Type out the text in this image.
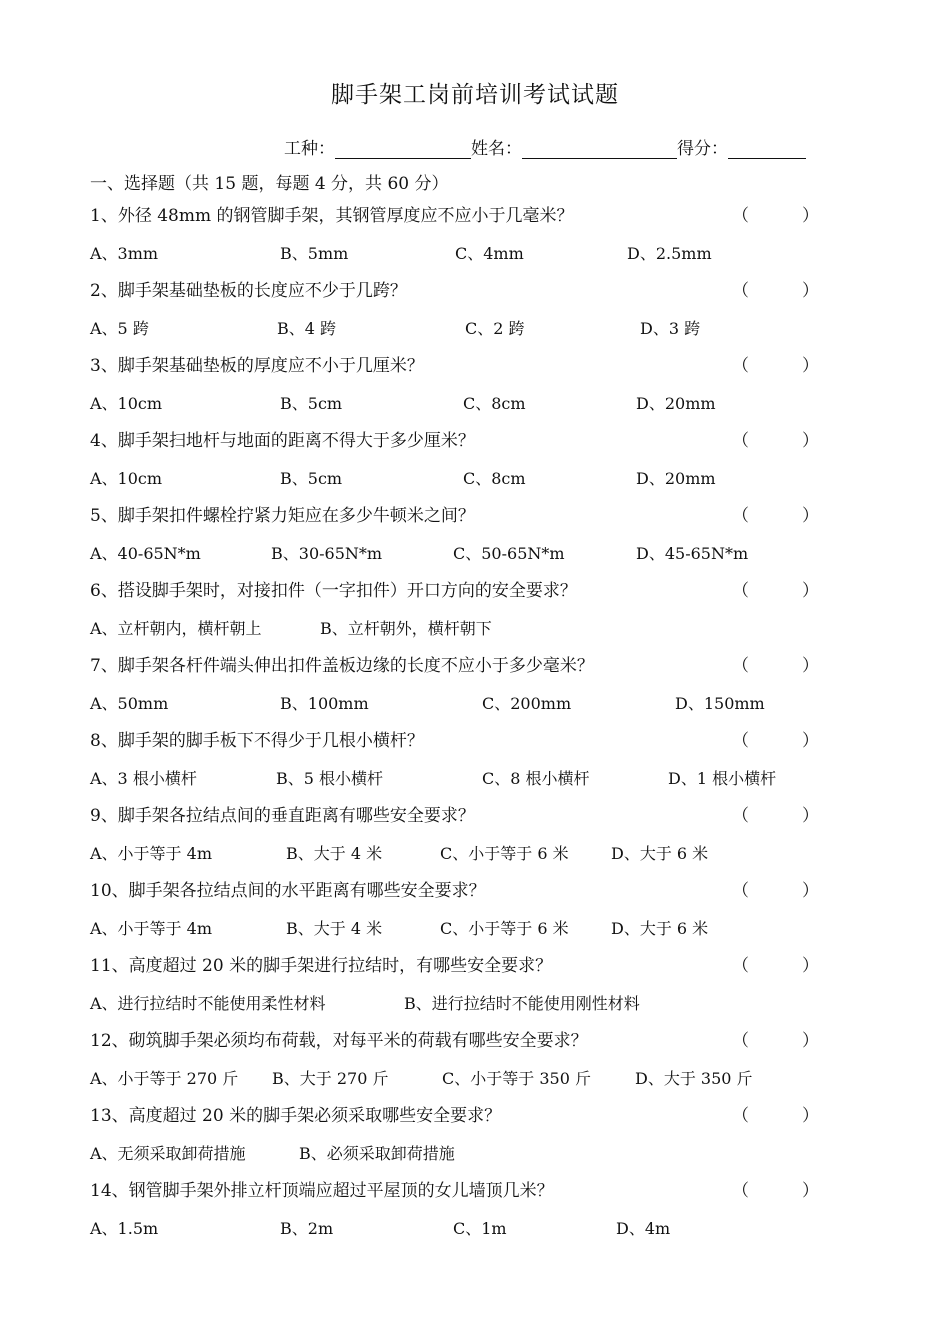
脚手架工岗前培训考试试题
工种：	姓名：	得分：
一、选择题（共 15 题，每题 4 分，共 60 分）
1、外径 48mm 的钢管脚手架，其钢管厚度应不应小于几毫米？	（	）
A、3mm	B、5mm	C、4mm	D、2.5mm
2、脚手架基础垫板的长度应不少于几跨？	（	）
A、5 跨	B、4 跨	C、2 跨	D、3 跨
3、脚手架基础垫板的厚度应不小于几厘米？	（	）
A、10cm	B、5cm	C、8cm	D、20mm
4、脚手架扫地杆与地面的距离不得大于多少厘米？	（	）
A、10cm	B、5cm	C、8cm	D、20mm
5、脚手架扣件螺栓拧紧力矩应在多少牛顿米之间？	（	）
A、40-65N*m	B、30-65N*m	C、50-65N*m	D、45-65N*m
6、搭设脚手架时，对接扣件（一字扣件）开口方向的安全要求？	（	）
A、立杆朝内，横杆朝上	B、立杆朝外，横杆朝下
7、脚手架各杆件端头伸出扣件盖板边缘的长度不应小于多少毫米？	（	）
A、50mm	B、100mm	C、200mm	D、150mm
8、脚手架的脚手板下不得少于几根小横杆？	（	）
A、3 根小横杆	B、5 根小横杆	C、8 根小横杆	D、1 根小横杆
9、脚手架各拉结点间的垂直距离有哪些安全要求？	（	）
A、小于等于 4m	B、大于 4 米	C、小于等于 6 米	D、大于 6 米
10、脚手架各拉结点间的水平距离有哪些安全要求？	（	）
A、小于等于 4m	B、大于 4 米	C、小于等于 6 米	D、大于 6 米
11、高度超过 20 米的脚手架进行拉结时，有哪些安全要求？	（	）
A、进行拉结时不能使用柔性材料	B、进行拉结时不能使用刚性材料
12、砌筑脚手架必须均布荷载，对每平米的荷载有哪些安全要求？	（	）
A、小于等于 270 斤 B、大于 270 斤	C、小于等于 350 斤	D、大于 350 斤
13、高度超过 20 米的脚手架必须采取哪些安全要求？	（	）
A、无须采取卸荷措施	B、必须采取卸荷措施
14、钢管脚手架外排立杆顶端应超过平屋顶的女儿墙顶几米？	（	）
A、1.5m	B、2m	C、1m	D、4m
